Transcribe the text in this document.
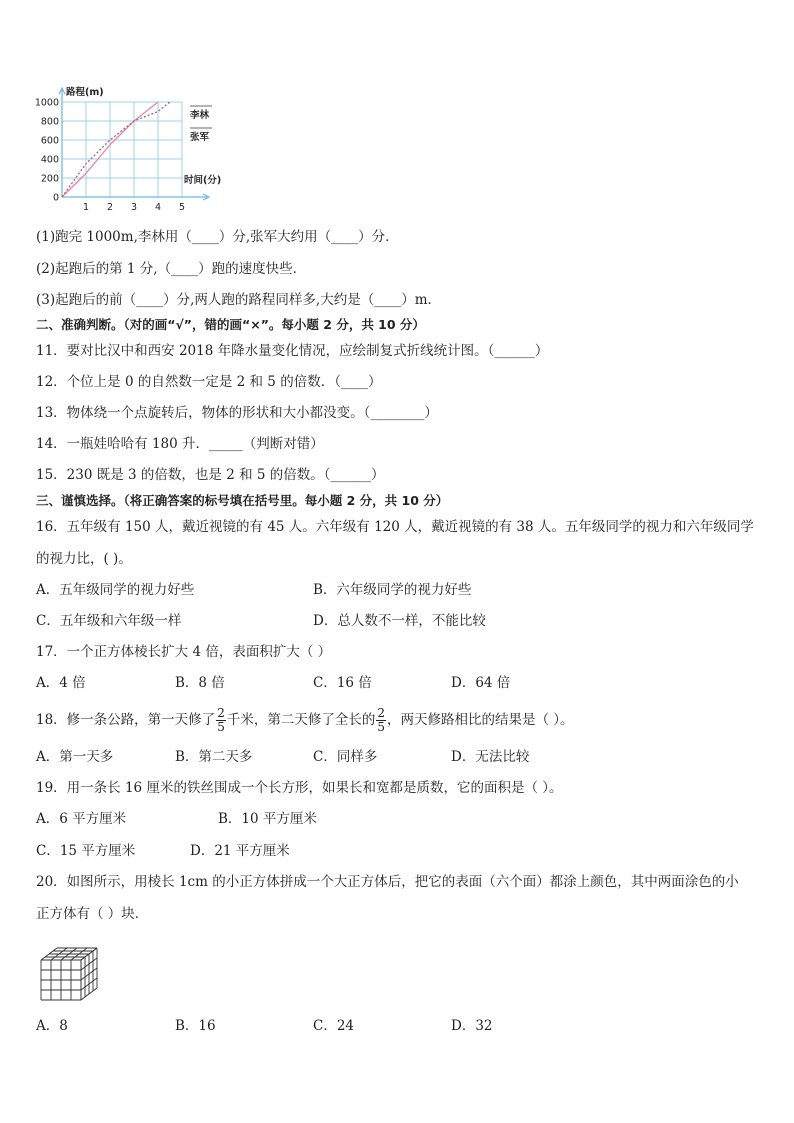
0
200
400
600
800
1000
1 2 3 4 5
路程(m)
时间(分)
李林
张军
(1)跑完 1000m,李林用（____）分,张军大约用（____）分．
(2)起跑后的第 1 分,（____）跑的速度快些．
(3)起跑后的前（____）分,两人跑的路程同样多,大约是（____）m．
二、准确判断。（对的画“√”，错的画“×”。每小题 2 分，共 10 分）
11．要对比汉中和西安 2018 年降水量变化情况，应绘制复式折线统计图。（______）
12．个位上是 0 的自然数一定是 2 和 5 的倍数．（____）
13．物体绕一个点旋转后，物体的形状和大小都没变。（________）
14．一瓶娃哈哈有 180 升．_____（判断对错）
15．230 既是 3 的倍数，也是 2 和 5 的倍数。（______）
三、谨慎选择。（将正确答案的标号填在括号里。每小题 2 分，共 10 分）
16．五年级有 150 人，戴近视镜的有 45 人。六年级有 120 人，戴近视镜的有 38 人。五年级同学的视力和六年级同学
的视力比，( )。
A．五年级同学的视力好些	B．六年级同学的视力好些
C．五年级和六年级一样	D．总人数不一样，不能比较
17．一个正方体棱长扩大 4 倍，表面积扩大（ ）
A．4 倍	B．8 倍	C．16 倍	D．64 倍
18．修一条公路，第一天修了 $\frac{2}{5}$ 千米，第二天修了全长的 $\frac{2}{5}$ ，两天修路相比的结果是（ ）。
A．第一天多	B．第二天多	C．同样多	D．无法比较
19．用一条长 16 厘米的铁丝围成一个长方形，如果长和宽都是质数，它的面积是（ ）。
A．6 平方厘米	B．10 平方厘米
C．15 平方厘米	D．21 平方厘米
20．如图所示，用棱长 1cm 的小正方体拼成一个大正方体后，把它的表面（六个面）都涂上颜色，其中两面涂色的小
正方体有（ ）块．
A．8	B．16	C．24	D．32
